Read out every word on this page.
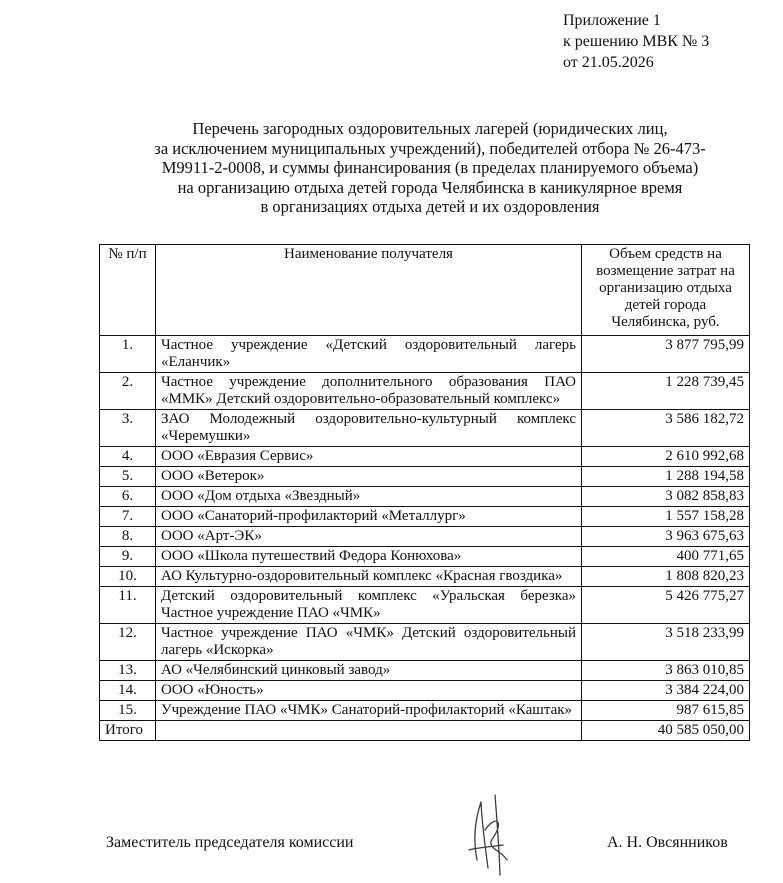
Приложение 1
к решению МВК № 3
от 21.05.2026
Перечень загородных оздоровительных лагерей (юридических лиц,
за исключением муниципальных учреждений), победителей отбора № 26-473-
М9911-2-0008, и суммы финансирования (в пределах планируемого объема)
на организацию отдыха детей города Челябинска в каникулярное время
в организациях отдыха детей и их оздоровления
№ п/п	Наименование получателя	Объем средств на возмещение затрат на организацию отдыха детей города Челябинска, руб.
1.	Частное учреждение «Детский оздоровительный лагерь «Еланчик»	3 877 795,99
2.	Частное учреждение дополнительного образования ПАО «ММК» Детский оздоровительно-образовательный комплекс»	1 228 739,45
3.	ЗАО Молодежный оздоровительно-культурный комплекс «Черемушки»	3 586 182,72
4.	ООО «Евразия Сервис»	2 610 992,68
5.	ООО «Ветерок»	1 288 194,58
6.	ООО «Дом отдыха «Звездный»	3 082 858,83
7.	ООО «Санаторий-профилакторий «Металлург»	1 557 158,28
8.	ООО «Арт-ЭК»	3 963 675,63
9.	ООО «Школа путешествий Федора Конюхова»	400 771,65
10.	АО Культурно-оздоровительный комплекс «Красная гвоздика»	1 808 820,23
11.	Детский оздоровительный комплекс «Уральская березка» Частное учреждение ПАО «ЧМК»	5 426 775,27
12.	Частное учреждение ПАО «ЧМК» Детский оздоровительный лагерь «Искорка»	3 518 233,99
13.	АО «Челябинский цинковый завод»	3 863 010,85
14.	ООО «Юность»	3 384 224,00
15.	Учреждение ПАО «ЧМК» Санаторий-профилакторий «Каштак»	987 615,85
Итого		40 585 050,00
Заместитель председателя комиссии	А. Н. Овсянников
